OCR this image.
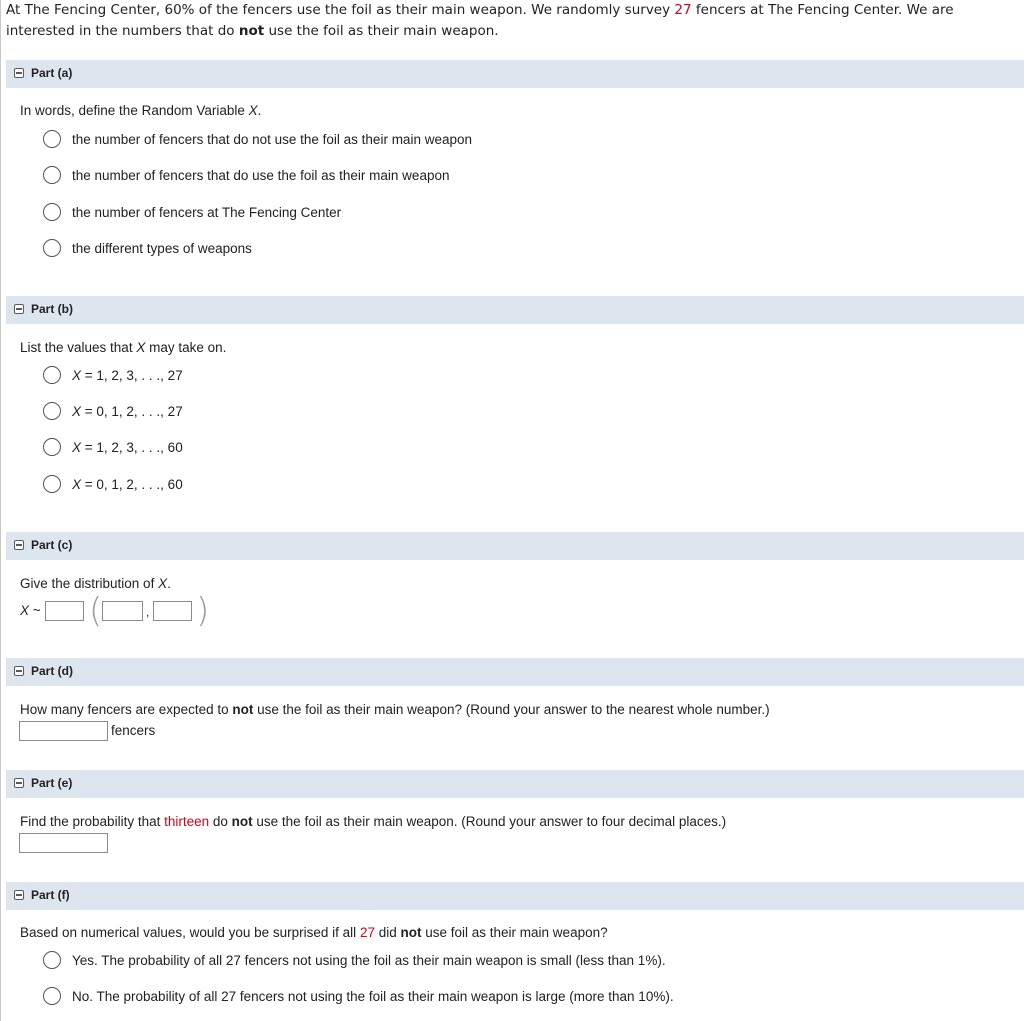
At The Fencing Center, 60% of the fencers use the foil as their main weapon. We randomly survey 27 fencers at The Fencing Center. We are interested in the numbers that do not use the foil as their main weapon.
Part (a)
In words, define the Random Variable X.
the number of fencers that do not use the foil as their main weapon
the number of fencers that do use the foil as their main weapon
the number of fencers at The Fencing Center
the different types of weapons
Part (b)
List the values that X may take on.
X = 1, 2, 3, . . ., 27
X = 0, 1, 2, . . ., 27
X = 1, 2, 3, . . ., 60
X = 0, 1, 2, . . ., 60
Part (c)
Give the distribution of X.
X ~ (	, )
Part (d)
How many fencers are expected to not use the foil as their main weapon? (Round your answer to the nearest whole number.)
fencers
Part (e)
Find the probability that thirteen do not use the foil as their main weapon. (Round your answer to four decimal places.)
Part (f)
Based on numerical values, would you be surprised if all 27 did not use foil as their main weapon?
Yes. The probability of all 27 fencers not using the foil as their main weapon is small (less than 1%).
No. The probability of all 27 fencers not using the foil as their main weapon is large (more than 10%).
